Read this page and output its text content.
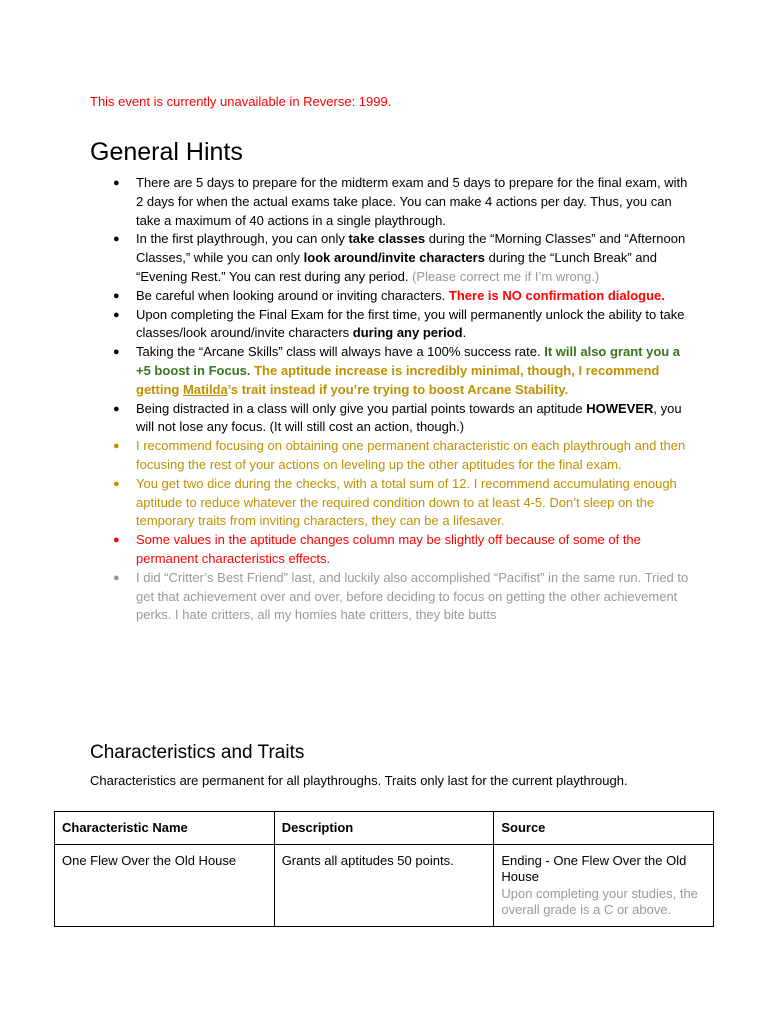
This event is currently unavailable in Reverse: 1999.
General Hints
● There are 5 days to prepare for the midterm exam and 5 days to prepare for the final exam, with 2 days for when the actual exams take place. You can make 4 actions per day. Thus, you can take a maximum of 40 actions in a single playthrough.
● In the first playthrough, you can only take classes during the “Morning Classes” and “Afternoon Classes,” while you can only look around/invite characters during the “Lunch Break” and “Evening Rest.” You can rest during any period. (Please correct me if I’m wrong.)
● Be careful when looking around or inviting characters. There is NO confirmation dialogue.
● Upon completing the Final Exam for the first time, you will permanently unlock the ability to take classes/look around/invite characters during any period.
● Taking the “Arcane Skills” class will always have a 100% success rate. It will also grant you a +5 boost in Focus. The aptitude increase is incredibly minimal, though, I recommend getting Matilda’s trait instead if you’re trying to boost Arcane Stability.
● Being distracted in a class will only give you partial points towards an aptitude HOWEVER, you will not lose any focus. (It will still cost an action, though.)
● I recommend focusing on obtaining one permanent characteristic on each playthrough and then focusing the rest of your actions on leveling up the other aptitudes for the final exam.
● You get two dice during the checks, with a total sum of 12. I recommend accumulating enough aptitude to reduce whatever the required condition down to at least 4-5. Don’t sleep on the temporary traits from inviting characters, they can be a lifesaver.
● Some values in the aptitude changes column may be slightly off because of some of the permanent characteristics effects.
● I did “Critter’s Best Friend” last, and luckily also accomplished “Pacifist” in the same run. Tried to get that achievement over and over, before deciding to focus on getting the other achievement perks. I hate critters, all my homies hate critters, they bite butts
Characteristics and Traits
Characteristics are permanent for all playthroughs. Traits only last for the current playthrough.
Characteristic Name	Description	Source
One Flew Over the Old House	Grants all aptitudes 50 points.	Ending - One Flew Over the Old House
Upon completing your studies, the overall grade is a C or above.
